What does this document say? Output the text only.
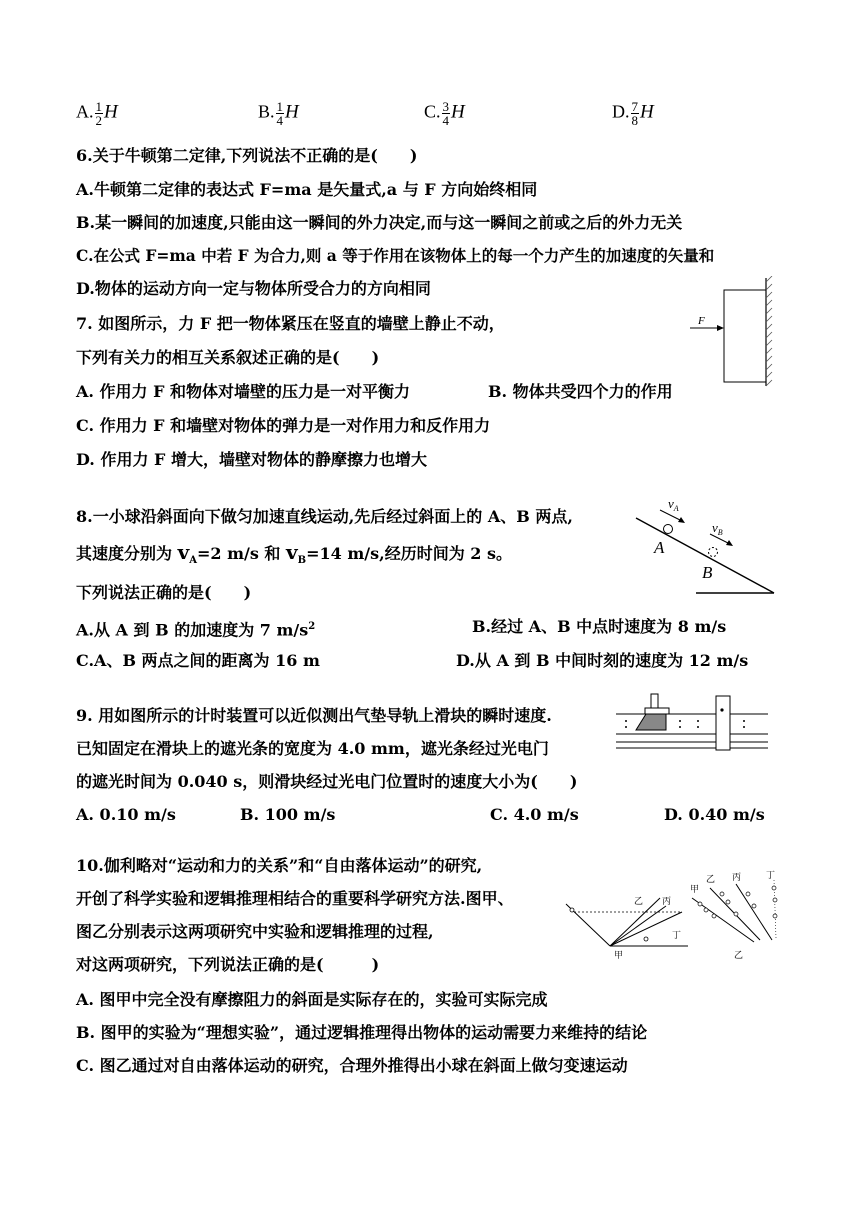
A. $\frac{1}{2}$ H	B. $\frac{1}{4}$ H	C. $\frac{3}{4}$ H	D. $\frac{7}{8}$ H
6.关于牛顿第二定律,下列说法不正确的是(　　)
A.牛顿第二定律的表达式 F=ma 是矢量式,a 与 F 方向始终相同
B.某一瞬间的加速度,只能由这一瞬间的外力决定,而与这一瞬间之前或之后的外力无关
C.在公式 F=ma 中若 F 为合力,则 a 等于作用在该物体上的每一个力产生的加速度的矢量和
D.物体的运动方向一定与物体所受合力的方向相同
7. 如图所示，力 F 把一物体紧压在竖直的墙壁上静止不动，
下列有关力的相互关系叙述正确的是(　　)
A. 作用力 F 和物体对墙壁的压力是一对平衡力	B. 物体共受四个力的作用
C. 作用力 F 和墙壁对物体的弹力是一对作用力和反作用力
D. 作用力 F 增大，墙壁对物体的静摩擦力也增大
F
8.一小球沿斜面向下做匀加速直线运动,先后经过斜面上的 A、B 两点,
其速度分别为 $v_A=2$ m/s 和 $v_B=14$ m/s,经历时间为 2 s。
下列说法正确的是(　　)
A.从 A 到 B 的加速度为 7 $m/s^2$	B.经过 A、B 中点时速度为 8 m/s
C.A、B 两点之间的距离为 16 m	D.从 A 到 B 中间时刻的速度为 12 m/s
$v_A$
$v_B$
A
B
9. 用如图所示的计时装置可以近似测出气垫导轨上滑块的瞬时速度.
已知固定在滑块上的遮光条的宽度为 4.0 mm，遮光条经过光电门
的遮光时间为 0.040 s，则滑块经过光电门位置时的速度大小为(　　)
A. 0.10 m/s	B. 100 m/s	C. 4.0 m/s	D. 0.40 m/s
10.伽利略对“运动和力的关系”和“自由落体运动”的研究,
开创了科学实验和逻辑推理相结合的重要科学研究方法.图甲、
图乙分别表示这两项研究中实验和逻辑推理的过程,
对这两项研究，下列说法正确的是(　　　)
A. 图甲中完全没有摩擦阻力的斜面是实际存在的，实验可实际完成
B. 图甲的实验为“理想实验”，通过逻辑推理得出物体的运动需要力来维持的结论
C. 图乙通过对自由落体运动的研究，合理外推得出小球在斜面上做匀变速运动
乙 丙
丁
甲
甲
乙 丙	丁
乙
